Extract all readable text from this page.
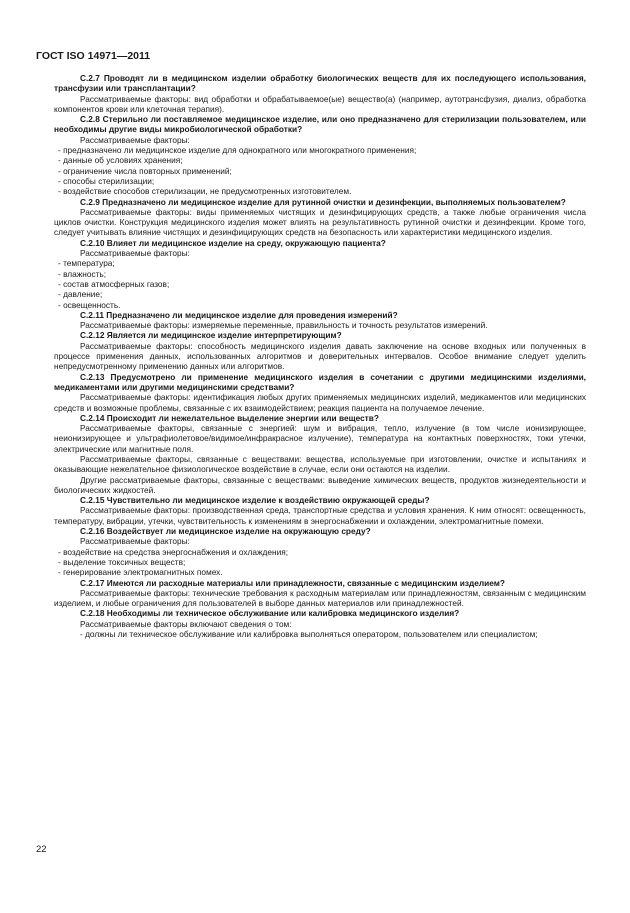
ГОСТ ISO 14971—2011

С.2.7 Проводят ли в медицинском изделии обработку биологических веществ для их последующего использования, трансфузии или трансплантации?

Рассматриваемые факторы: вид обработки и обрабатываемое(ые) вещество(а) (например, аутотрансфузия, диализ, обработка компонентов крови или клеточная терапия).

С.2.8 Стерильно ли поставляемое медицинское изделие, или оно предназначено для стерилизации пользователем, или необходимы другие виды микробиологической обработки?

Рассматриваемые факторы:

- предназначено ли медицинское изделие для однократного или многократного применения;

- данные об условиях хранения;

- ограничение числа повторных применений;

- способы стерилизации;

- воздействие способов стерилизации, не предусмотренных изготовителем.

С.2.9 Предназначено ли медицинское изделие для рутинной очистки и дезинфекции, выполняемых пользователем?

Рассматриваемые факторы: виды применяемых чистящих и дезинфицирующих средств, а также любые ограничения числа циклов очистки. Конструкция медицинского изделия может влиять на результативность рутинной очистки и дезинфекции. Кроме того, следует учитывать влияние чистящих и дезинфицирующих средств на безопасность или характеристики медицинского изделия.

С.2.10 Влияет ли медицинское изделие на среду, окружающую пациента?

Рассматриваемые факторы:

- температура;

- влажность;

- состав атмосферных газов;

- давление;

- освещенность.

С.2.11 Предназначено ли медицинское изделие для проведения измерений?

Рассматриваемые факторы: измеряемые переменные, правильность и точность результатов измерений.

С.2.12 Является ли медицинское изделие интерпретирующим?

Рассматриваемые факторы: способность медицинского изделия давать заключение на основе входных или полученных в процессе применения данных, использованных алгоритмов и доверительных интервалов. Особое внимание следует уделить непредусмотренному применению данных или алгоритмов.

С.2.13 Предусмотрено ли применение медицинского изделия в сочетании с другими медицинскими изделиями, медикаментами или другими медицинскими средствами?

Рассматриваемые факторы: идентификация любых других применяемых медицинских изделий, медикаментов или медицинских средств и возможные проблемы, связанные с их взаимодействием; реакция пациента на получаемое лечение.

С.2.14 Происходит ли нежелательное выделение энергии или веществ?

Рассматриваемые факторы, связанные с энергией: шум и вибрация, тепло, излучение (в том числе ионизирующее, неионизирующее и ультрафиолетовое/видимое/инфракрасное излучение), температура на контактных поверхностях, токи утечки, электрические или магнитные поля.

Рассматриваемые факторы, связанные с веществами: вещества, используемые при изготовлении, очистке и испытаниях и оказывающие нежелательное физиологическое воздействие в случае, если они остаются на изделии.

Другие рассматриваемые факторы, связанные с веществами: выведение химических веществ, продуктов жизнедеятельности и биологических жидкостей.

С.2.15 Чувствительно ли медицинское изделие к воздействию окружающей среды?

Рассматриваемые факторы: производственная среда, транспортные средства и условия хранения. К ним относят: освещенность, температуру, вибрации, утечки, чувствительность к изменениям в энергоснабжении и охлаждении, электромагнитные помехи.

С.2.16 Воздействует ли медицинское изделие на окружающую среду?

Рассматриваемые факторы:

- воздействие на средства энергоснабжения и охлаждения;

- выделение токсичных веществ;

- генерирование электромагнитных помех.

С.2.17 Имеются ли расходные материалы или принадлежности, связанные с медицинским изделием?

Рассматриваемые факторы: технические требования к расходным материалам или принадлежностям, связанным с медицинским изделием, и любые ограничения для пользователей в выборе данных материалов или принадлежностей.

С.2.18 Необходимы ли техническое обслуживание или калибровка медицинского изделия?

Рассматриваемые факторы включают сведения о том:

- должны ли техническое обслуживание или калибровка выполняться оператором, пользователем или специалистом;

22
